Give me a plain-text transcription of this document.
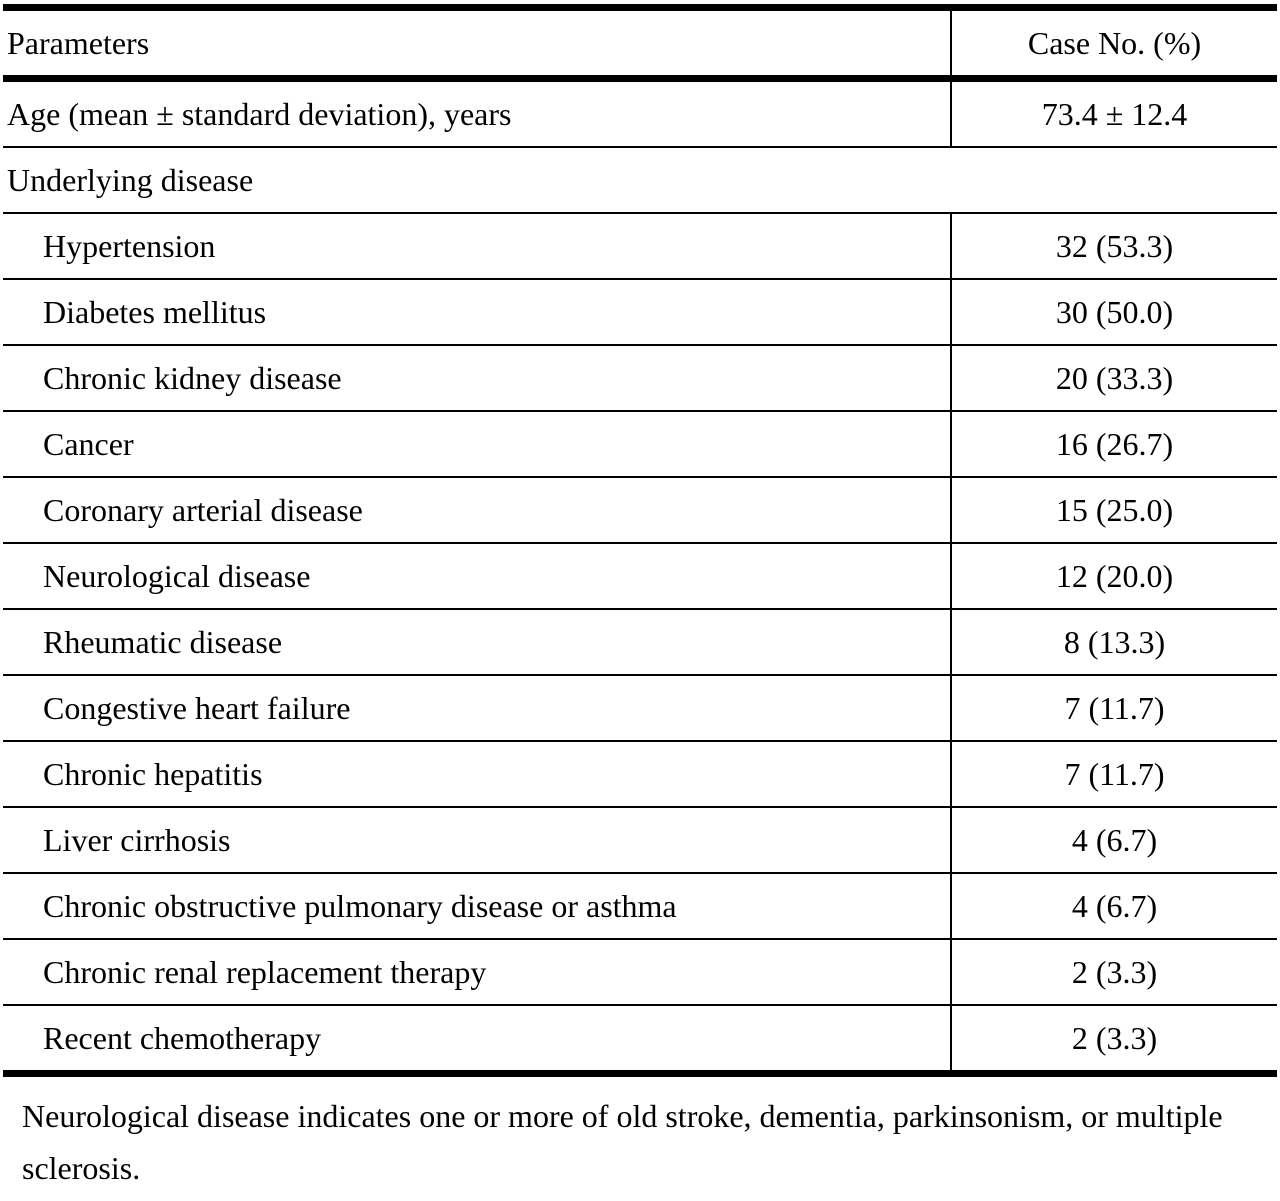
Parameters	Case No. (%)
Age (mean ± standard deviation), years	73.4 ± 12.4
Underlying disease	
Hypertension	32 (53.3)
Diabetes mellitus	30 (50.0)
Chronic kidney disease	20 (33.3)
Cancer	16 (26.7)
Coronary arterial disease	15 (25.0)
Neurological disease	12 (20.0)
Rheumatic disease	8 (13.3)
Congestive heart failure	7 (11.7)
Chronic hepatitis	7 (11.7)
Liver cirrhosis	4 (6.7)
Chronic obstructive pulmonary disease or asthma	4 (6.7)
Chronic renal replacement therapy	2 (3.3)
Recent chemotherapy	2 (3.3)
Neurological disease indicates one or more of old stroke, dementia, parkinsonism, or multiple sclerosis.
